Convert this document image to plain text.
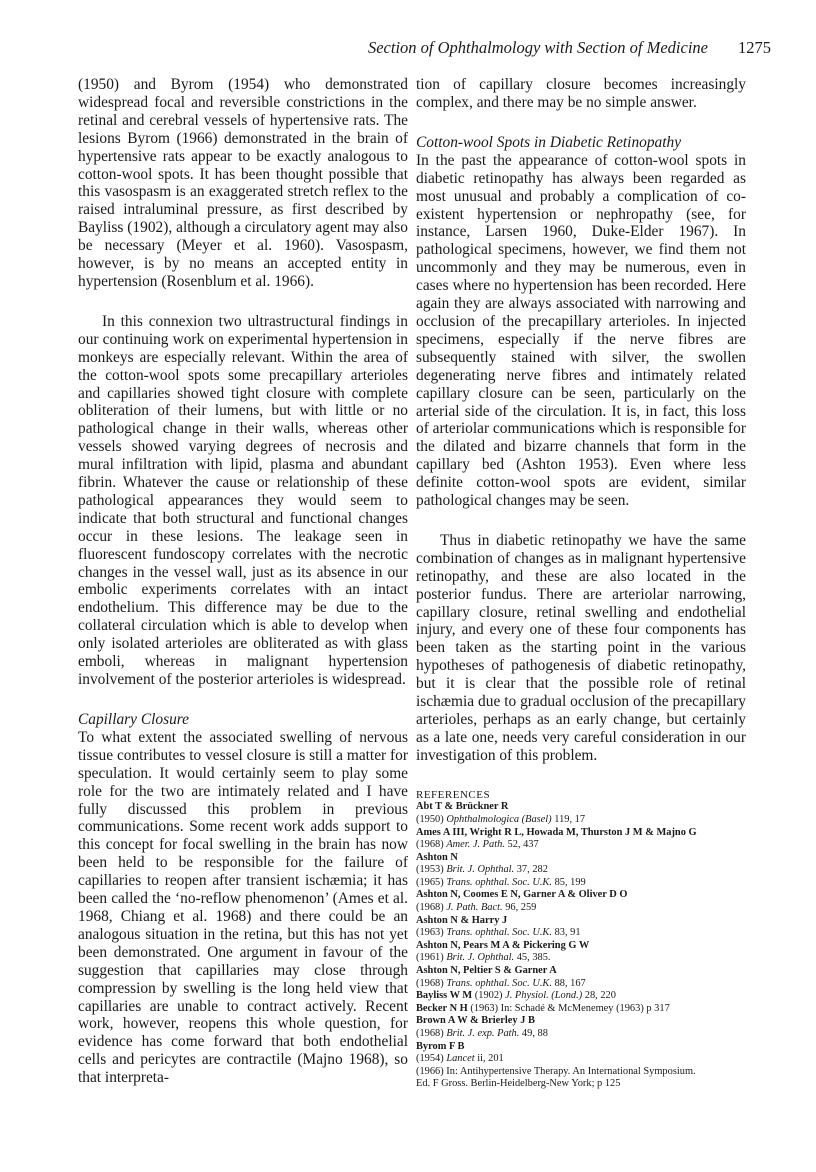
Section of Ophthalmology with Section of Medicine 1275

(1950) and Byrom (1954) who demonstrated widespread focal and reversible constrictions in the retinal and cerebral vessels of hypertensive rats. The lesions Byrom (1966) demonstrated in the brain of hypertensive rats appear to be exactly analogous to cotton-wool spots. It has been thought possible that this vasospasm is an exaggerated stretch reflex to the raised intraluminal pressure, as first described by Bayliss (1902), although a circulatory agent may also be necessary (Meyer et al. 1960). Vasospasm, however, is by no means an accepted entity in hypertension (Rosenblum et al. 1966).

In this connexion two ultrastructural findings in our continuing work on experimental hypertension in monkeys are especially relevant. Within the area of the cotton-wool spots some precapillary arterioles and capillaries showed tight closure with complete obliteration of their lumens, but with little or no pathological change in their walls, whereas other vessels showed varying degrees of necrosis and mural infiltration with lipid, plasma and abundant fibrin. Whatever the cause or relationship of these pathological appearances they would seem to indicate that both structural and functional changes occur in these lesions. The leakage seen in fluorescent fundoscopy correlates with the necrotic changes in the vessel wall, just as its absence in our embolic experiments correlates with an intact endothelium. This difference may be due to the collateral circulation which is able to develop when only isolated arterioles are obliterated as with glass emboli, whereas in malignant hypertension involvement of the posterior arterioles is widespread.

Capillary Closure

To what extent the associated swelling of nervous tissue contributes to vessel closure is still a matter for speculation. It would certainly seem to play some role for the two are intimately related and I have fully discussed this problem in previous communications. Some recent work adds support to this concept for focal swelling in the brain has now been held to be responsible for the failure of capillaries to reopen after transient ischæmia; it has been called the ‘no-reflow phenomenon’ (Ames et al. 1968, Chiang et al. 1968) and there could be an analogous situation in the retina, but this has not yet been demonstrated. One argument in favour of the suggestion that capillaries may close through compression by swelling is the long held view that capillaries are unable to contract actively. Recent work, however, reopens this whole question, for evidence has come forward that both endothelial cells and pericytes are contractile (Majno 1968), so that interpreta-

tion of capillary closure becomes increasingly complex, and there may be no simple answer.

Cotton-wool Spots in Diabetic Retinopathy

In the past the appearance of cotton-wool spots in diabetic retinopathy has always been regarded as most unusual and probably a complication of co-existent hypertension or nephropathy (see, for instance, Larsen 1960, Duke-Elder 1967). In pathological specimens, however, we find them not uncommonly and they may be numerous, even in cases where no hypertension has been recorded. Here again they are always associated with narrowing and occlusion of the precapillary arterioles. In injected specimens, especially if the nerve fibres are subsequently stained with silver, the swollen degenerating nerve fibres and intimately related capillary closure can be seen, particularly on the arterial side of the circulation. It is, in fact, this loss of arteriolar communications which is responsible for the dilated and bizarre channels that form in the capillary bed (Ashton 1953). Even where less definite cotton-wool spots are evident, similar pathological changes may be seen.

Thus in diabetic retinopathy we have the same combination of changes as in malignant hypertensive retinopathy, and these are also located in the posterior fundus. There are arteriolar narrowing, capillary closure, retinal swelling and endothelial injury, and every one of these four components has been taken as the starting point in the various hypotheses of pathogenesis of diabetic retinopathy, but it is clear that the possible role of retinal ischæmia due to gradual occlusion of the precapillary arterioles, perhaps as an early change, but certainly as a late one, needs very careful consideration in our investigation of this problem.

REFERENCES
Abt T & Brückner R
(1950) Ophthalmologica (Basel) 119, 17
Ames A III, Wright R L, Howada M, Thurston J M & Majno G
(1968) Amer. J. Path. 52, 437
Ashton N
(1953) Brit. J. Ophthal. 37, 282
(1965) Trans. ophthal. Soc. U.K. 85, 199
Ashton N, Coomes E N, Garner A & Oliver D O
(1968) J. Path. Bact. 96, 259
Ashton N & Harry J
(1963) Trans. ophthal. Soc. U.K. 83, 91
Ashton N, Pears M A & Pickering G W
(1961) Brit. J. Ophthal. 45, 385.
Ashton N, Peltier S & Garner A
(1968) Trans. ophthal. Soc. U.K. 88, 167
Bayliss W M (1902) J. Physiol. (Lond.) 28, 220
Becker N H (1963) In: Schadé & McMenemey (1963) p 317
Brown A W & Brierley J B
(1968) Brit. J. exp. Path. 49, 88
Byrom F B
(1954) Lancet ii, 201
(1966) In: Antihypertensive Therapy. An International Symposium.
Ed. F Gross. Berlin-Heidelberg-New York; p 125
